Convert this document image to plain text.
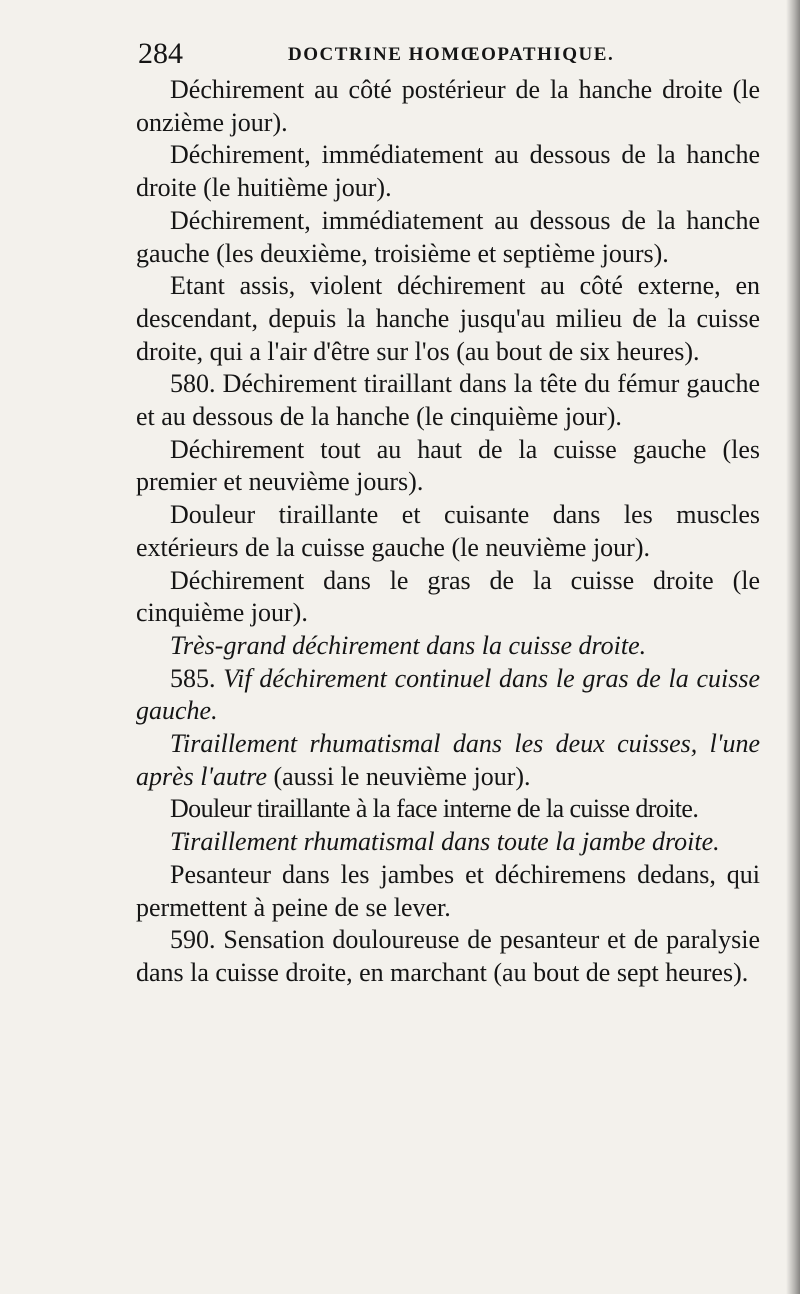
284	DOCTRINE HOMŒOPATHIQUE.

Déchirement au côté postérieur de la hanche droite (le onzième jour).

Déchirement, immédiatement au dessous de la hanche droite (le huitième jour).

Déchirement, immédiatement au dessous de la hanche gauche (les deuxième, troisième et septième jours).

Etant assis, violent déchirement au côté externe, en descendant, depuis la hanche jusqu'au milieu de la cuisse droite, qui a l'air d'être sur l'os (au bout de six heures).

580. Déchirement tiraillant dans la tête du fémur gauche et au dessous de la hanche (le cinquième jour).

Déchirement tout au haut de la cuisse gauche (les premier et neuvième jours).

Douleur tiraillante et cuisante dans les muscles extérieurs de la cuisse gauche (le neuvième jour).

Déchirement dans le gras de la cuisse droite (le cinquième jour).

Très-grand déchirement dans la cuisse droite.

585. Vif déchirement continuel dans le gras de la cuisse gauche.

Tiraillement rhumatismal dans les deux cuisses, l'une après l'autre (aussi le neuvième jour).

Douleur tiraillante à la face interne de la cuisse droite.

Tiraillement rhumatismal dans toute la jambe droite.

Pesanteur dans les jambes et déchiremens dedans, qui permettent à peine de se lever.

590. Sensation douloureuse de pesanteur et de paralysie dans la cuisse droite, en marchant (au bout de sept heures).
